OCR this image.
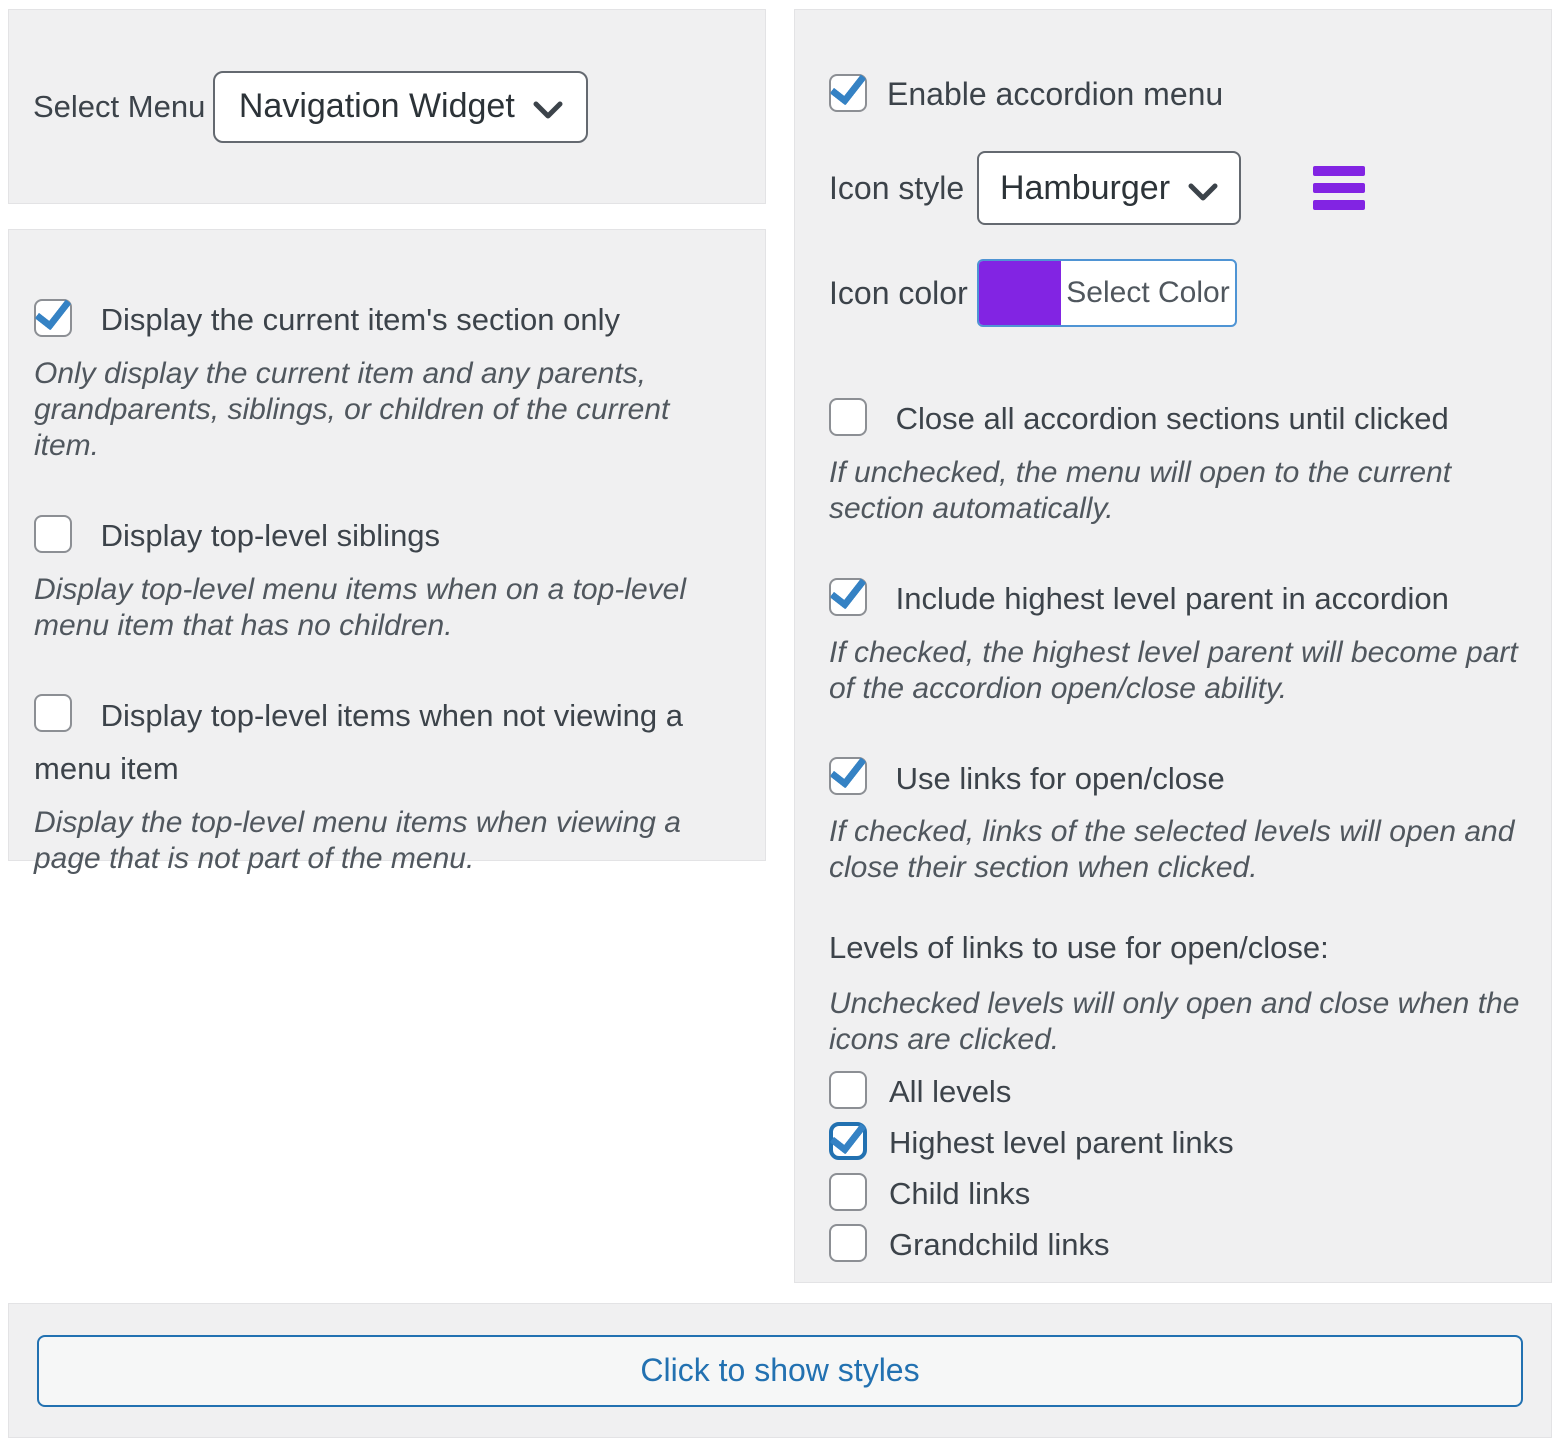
Select Menu Navigation Widget

Display the current item's section only

Only display the current item and any parents, grandparents, siblings, or children of the current item.

Display top-level siblings

Display top-level menu items when on a top-level menu item that has no children.

Display top-level items when not viewing a menu item

Display the top-level menu items when viewing a page that is not part of the menu.

Enable accordion menu
Icon style	Hamburger
Icon color	Select Color

Close all accordion sections until clicked

If unchecked, the menu will open to the current section automatically.

Include highest level parent in accordion

If checked, the highest level parent will become part of the accordion open/close ability.

Use links for open/close

If checked, links of the selected levels will open and close their section when clicked.

Levels of links to use for open/close:

Unchecked levels will only open and close when the icons are clicked.

All levels
Highest level parent links
Child links
Grandchild links
Click to show styles
